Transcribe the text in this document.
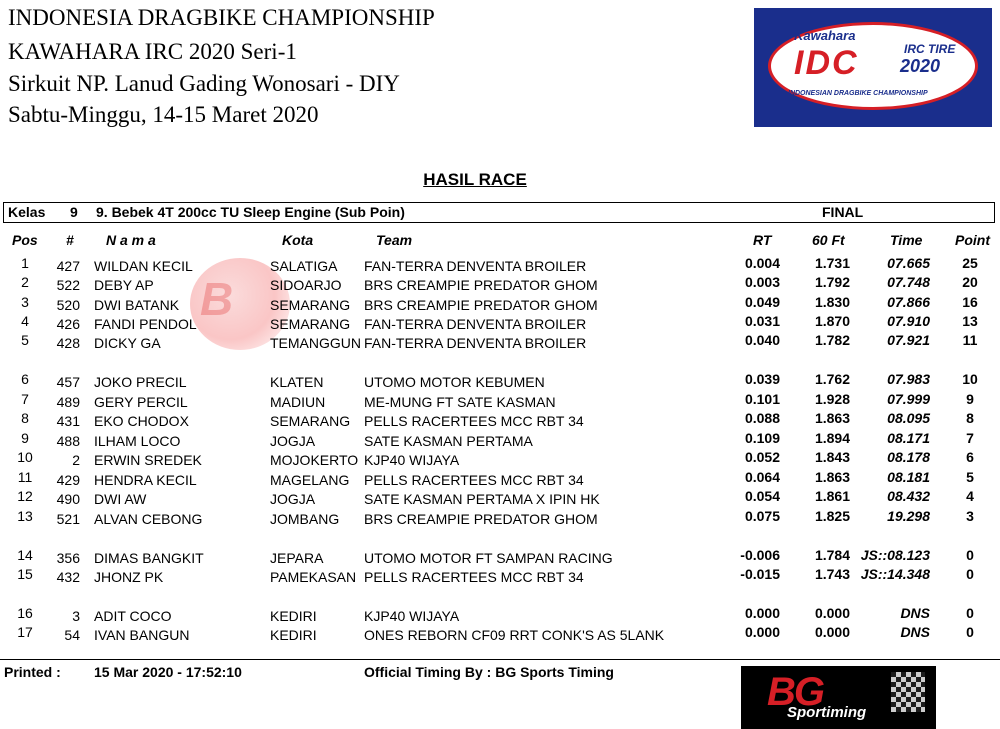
INDONESIA DRAGBIKE CHAMPIONSHIP
KAWAHARA IRC 2020 Seri-1
Sirkuit NP. Lanud Gading Wonosari - DIY
Sabtu-Minggu, 14-15 Maret 2020
Kawahara
IDC	IRC TIRE
2020
INDONESIAN DRAGBIKE CHAMPIONSHIP
HASIL RACE
Kelas 9 9. Bebek 4T 200cc TU Sleep Engine (Sub Poin)	FINAL
Pos # N a m a	Kota	Team	RT	60 Ft	Time Point
B
1	427 WILDAN KECIL	SALATIGA FAN-TERRA DENVENTA BROILER	0.004	1.731	07.665	25
2	522 DEBY AP	SIDOARJO BRS CREAMPIE PREDATOR GHOM	0.003	1.792	07.748	20
3	520 DWI BATANK	SEMARANG BRS CREAMPIE PREDATOR GHOM	0.049	1.830	07.866	16
4	426 FANDI PENDOL	SEMARANG FAN-TERRA DENVENTA BROILER	0.031	1.870	07.910	13
5	428 DICKY GA	TEMANGGUN FAN-TERRA DENVENTA BROILER	0.040	1.782	07.921	11
6	457 JOKO PRECIL	KLATEN	UTOMO MOTOR KEBUMEN	0.039	1.762	07.983	10
7	489 GERY PERCIL	MADIUN	ME-MUNG FT SATE KASMAN	0.101	1.928	07.999	9
8	431 EKO CHODOX	SEMARANG PELLS RACERTEES MCC RBT 34	0.088	1.863	08.095	8
9	488 ILHAM LOCO	JOGJA	SATE KASMAN PERTAMA	0.109	1.894	08.171	7
10	2 ERWIN SREDEK	MOJOKERTO KJP40 WIJAYA	0.052	1.843	08.178	6
11	429 HENDRA KECIL	MAGELANG PELLS RACERTEES MCC RBT 34	0.064	1.863	08.181	5
12	490 DWI AW	JOGJA	SATE KASMAN PERTAMA X IPIN HK	0.054	1.861	08.432	4
13	521 ALVAN CEBONG	JOMBANG BRS CREAMPIE PREDATOR GHOM	0.075	1.825	19.298	3
14	356 DIMAS BANGKIT	JEPARA	UTOMO MOTOR FT SAMPAN RACING	-0.006	1.784 JS::08.123	0
15	432 JHONZ PK	PAMEKASAN PELLS RACERTEES MCC RBT 34	-0.015	1.743 JS::14.348	0
16	3 ADIT COCO	KEDIRI	KJP40 WIJAYA	0.000	0.000	DNS	0
17	54 IVAN BANGUN	KEDIRI	ONES REBORN CF09 RRT CONK'S AS 5LANK	0.000	0.000	DNS	0
Printed : 15 Mar 2020 - 17:52:10	Official Timing By : BG Sports Timing	BG
Sportiming
